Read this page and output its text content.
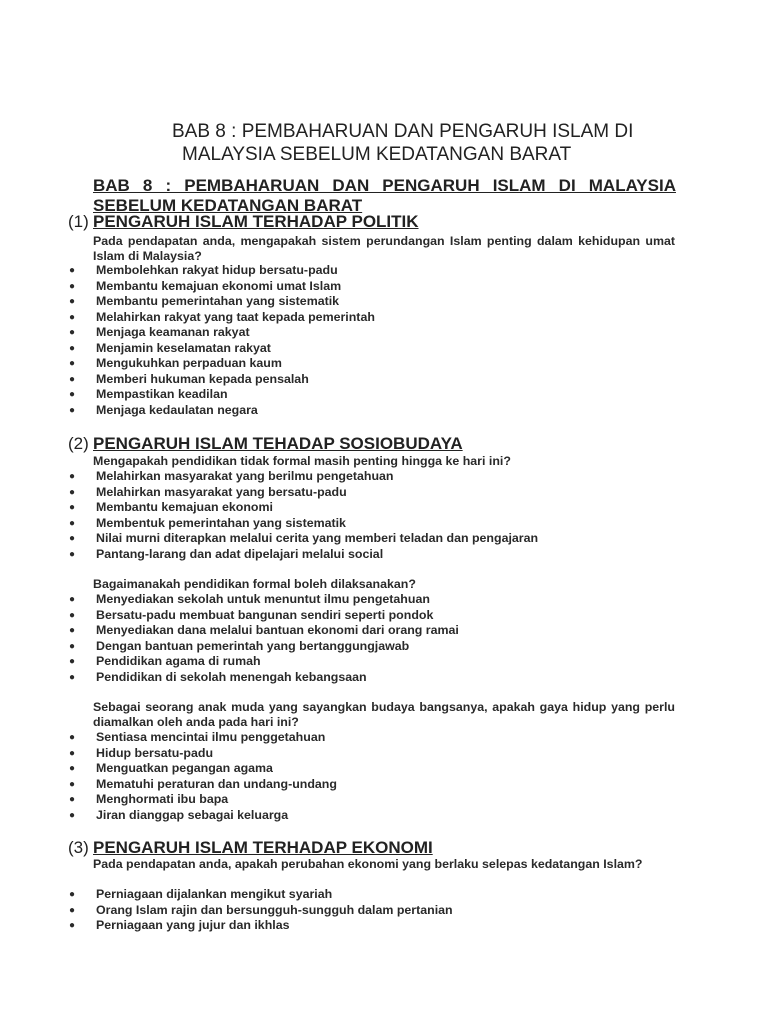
BAB 8 : PEMBAHARUAN DAN PENGARUH ISLAM DI
MALAYSIA SEBELUM KEDATANGAN BARAT
BAB 8 : PEMBAHARUAN DAN PENGARUH ISLAM DI MALAYSIA SEBELUM KEDATANGAN BARAT
(1) PENGARUH ISLAM TERHADAP POLITIK
Pada pendapatan anda, mengapakah sistem perundangan Islam penting dalam kehidupan umat Islam di Malaysia?
● Membolehkan rakyat hidup bersatu-padu
● Membantu kemajuan ekonomi umat Islam
● Membantu pemerintahan yang sistematik
● Melahirkan rakyat yang taat kepada pemerintah
● Menjaga keamanan rakyat
● Menjamin keselamatan rakyat
● Mengukuhkan perpaduan kaum
● Memberi hukuman kepada pensalah
● Mempastikan keadilan
● Menjaga kedaulatan negara
(2) PENGARUH ISLAM TEHADAP SOSIOBUDAYA
Mengapakah pendidikan tidak formal masih penting hingga ke hari ini?
● Melahirkan masyarakat yang berilmu pengetahuan
● Melahirkan masyarakat yang bersatu-padu
● Membantu kemajuan ekonomi
● Membentuk pemerintahan yang sistematik
● Nilai murni diterapkan melalui cerita yang memberi teladan dan pengajaran
● Pantang-larang dan adat dipelajari melalui social
Bagaimanakah pendidikan formal boleh dilaksanakan?
● Menyediakan sekolah untuk menuntut ilmu pengetahuan
● Bersatu-padu membuat bangunan sendiri seperti pondok
● Menyediakan dana melalui bantuan ekonomi dari orang ramai
● Dengan bantuan pemerintah yang bertanggungjawab
● Pendidikan agama di rumah
● Pendidikan di sekolah menengah kebangsaan
Sebagai seorang anak muda yang sayangkan budaya bangsanya, apakah gaya hidup yang perlu diamalkan oleh anda pada hari ini?
● Sentiasa mencintai ilmu penggetahuan
● Hidup bersatu-padu
● Menguatkan pegangan agama
● Mematuhi peraturan dan undang-undang
● Menghormati ibu bapa
● Jiran dianggap sebagai keluarga
(3) PENGARUH ISLAM TERHADAP EKONOMI
Pada pendapatan anda, apakah perubahan ekonomi yang berlaku selepas kedatangan Islam?
● Perniagaan dijalankan mengikut syariah
● Orang Islam rajin dan bersungguh-sungguh dalam pertanian
● Perniagaan yang jujur dan ikhlas
